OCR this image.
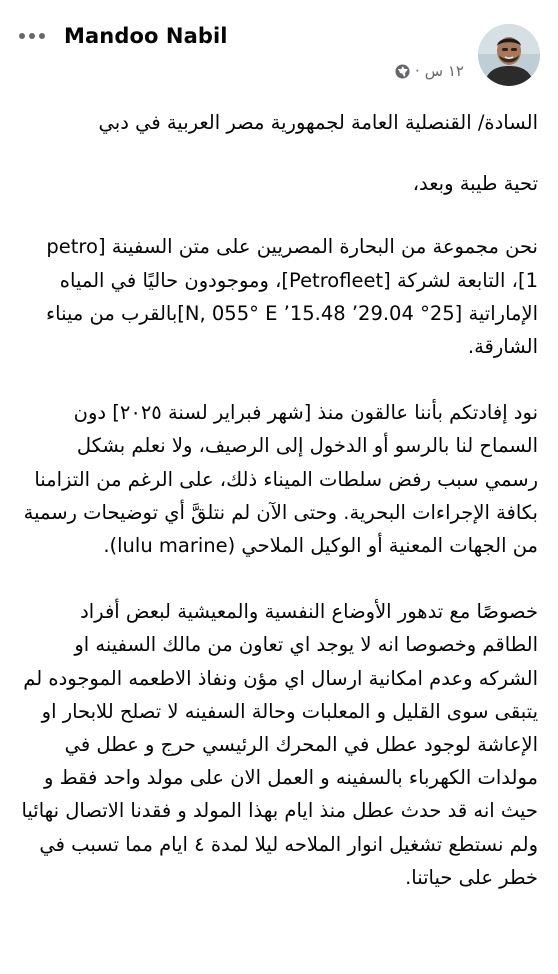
Mandoo Nabil
١٢ س
·

السادة/ القنصلية العامة لجمهورية مصر العربية في دبي

تحية طيبة وبعد،

نحن مجموعة من البحارة المصريين على متن السفينة [petro 1]، التابعة لشركة [Petrofleet]، وموجودون حاليًا في المياه الإماراتية [25° 29.04’ 15.48’ N, 055° E]بالقرب من ميناء الشارقة.

نود إفادتكم بأننا عالقون منذ [شهر فبراير لسنة ٢٠٢٥] دون السماح لنا بالرسو أو الدخول إلى الرصيف، ولا نعلم بشكل رسمي سبب رفض سلطات الميناء ذلك، على الرغم من التزامنا بكافة الإجراءات البحرية. وحتى الآن لم نتلقَّ أي توضيحات رسمية من الجهات المعنية أو الوكيل الملاحي (lulu marine).

خصوصًا مع تدهور الأوضاع النفسية والمعيشية لبعض أفراد الطاقم وخصوصا انه لا يوجد اي تعاون من مالك السفينه او الشركه وعدم امكانية ارسال اي مؤن ونفاذ الاطعمه الموجوده لم يتبقى سوى القليل و المعلبات وحالة السفينه لا تصلح للابحار او الإعاشة لوجود عطل في المحرك الرئيسي حرج و عطل في مولدات الكهرباء بالسفينه و العمل الان على مولد واحد فقط و حيث انه قد حدث عطل منذ ايام بهذا المولد و فقدنا الاتصال نهائيا ولم نستطع تشغيل انوار الملاحه ليلا لمدة ٤ ايام مما تسبب في خطر على حياتنا.
